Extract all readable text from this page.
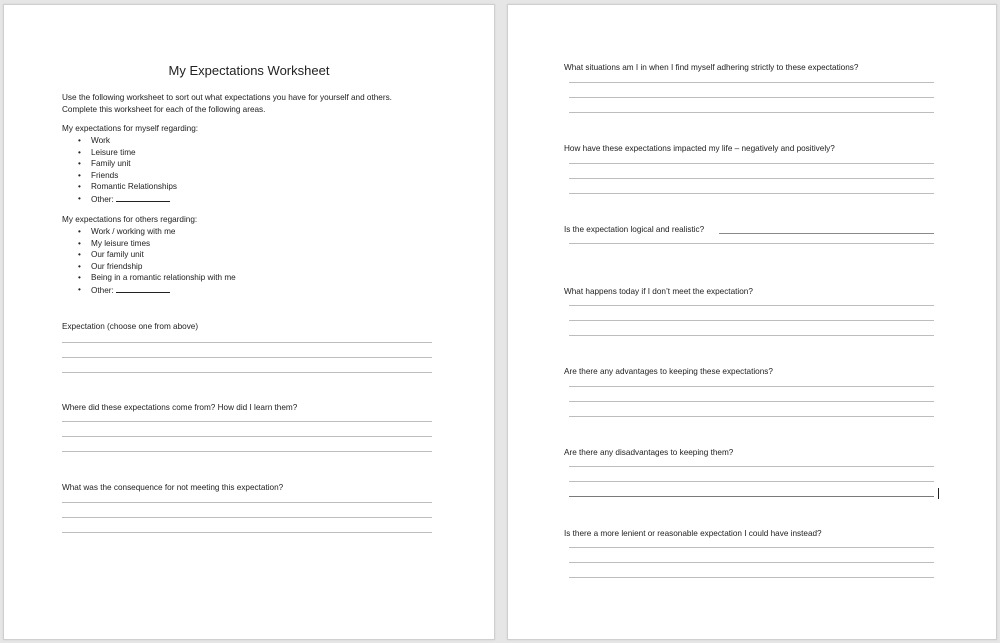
My Expectations Worksheet
Use the following worksheet to sort out what expectations you have for yourself and others.
Complete this worksheet for each of the following areas.
My expectations for myself regarding:
• Work
• Leisure time
• Family unit
• Friends
• Romantic Relationships
• Other:
My expectations for others regarding:
• Work / working with me
• My leisure times
• Our family unit
• Our friendship
• Being in a romantic relationship with me
• Other:
Expectation (choose one from above)
Where did these expectations come from? How did I learn them?
What was the consequence for not meeting this expectation?
What situations am I in when I find myself adhering strictly to these expectations?
How have these expectations impacted my life – negatively and positively?
Is the expectation logical and realistic?
What happens today if I don’t meet the expectation?
Are there any advantages to keeping these expectations?
Are there any disadvantages to keeping them?
Is there a more lenient or reasonable expectation I could have instead?
